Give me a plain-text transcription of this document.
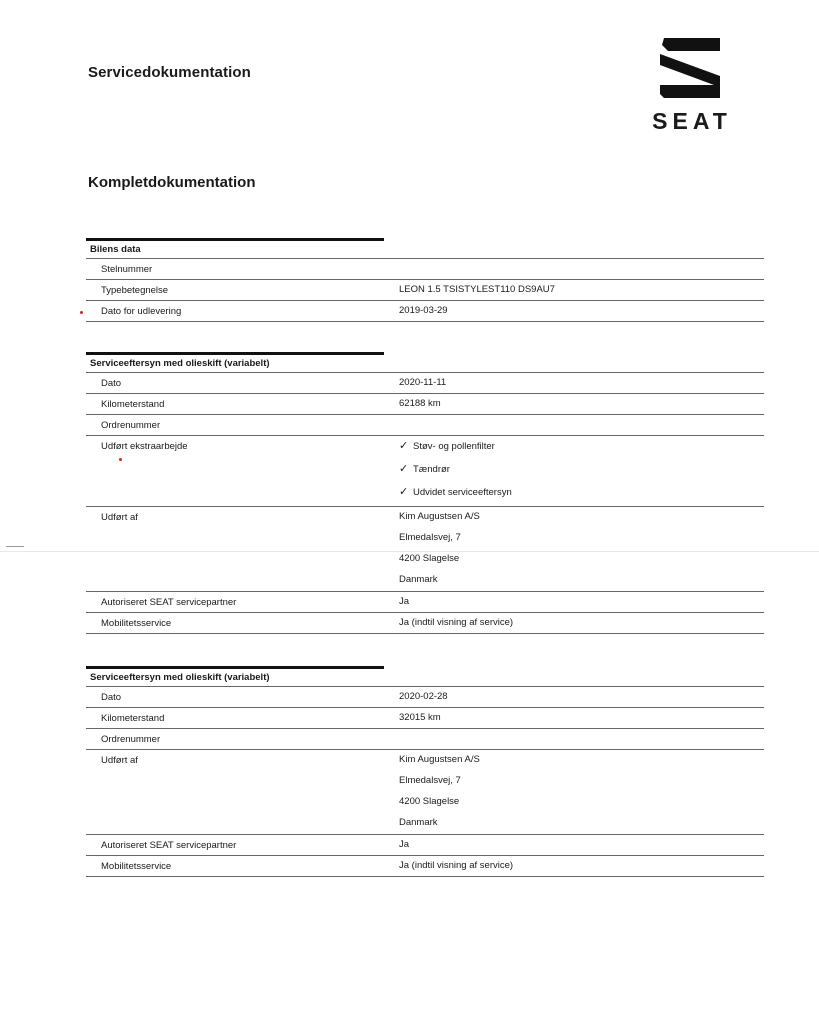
Servicedokumentation
SEAT
Kompletdokumentation
Bilens data
Stelnummer
Typebetegnelse	LEON 1.5 TSISTYLEST110 DS9AU7
Dato for udlevering	2019-03-29
Serviceeftersyn med olieskift (variabelt)
Dato	2020-11-11
Kilometerstand	62188 km
Ordrenummer
Udført ekstraarbejde	✓ Støv- og pollenfilter
✓ Tændrør
✓ Udvidet serviceeftersyn
Udført af	Kim Augustsen A/S
Elmedalsvej, 7
4200 Slagelse
Danmark
Autoriseret SEAT servicepartner	Ja
Mobilitetsservice	Ja (indtil visning af service)
Serviceeftersyn med olieskift (variabelt)
Dato	2020-02-28
Kilometerstand	32015 km
Ordrenummer
Udført af	Kim Augustsen A/S
Elmedalsvej, 7
4200 Slagelse
Danmark
Autoriseret SEAT servicepartner	Ja
Mobilitetsservice	Ja (indtil visning af service)
